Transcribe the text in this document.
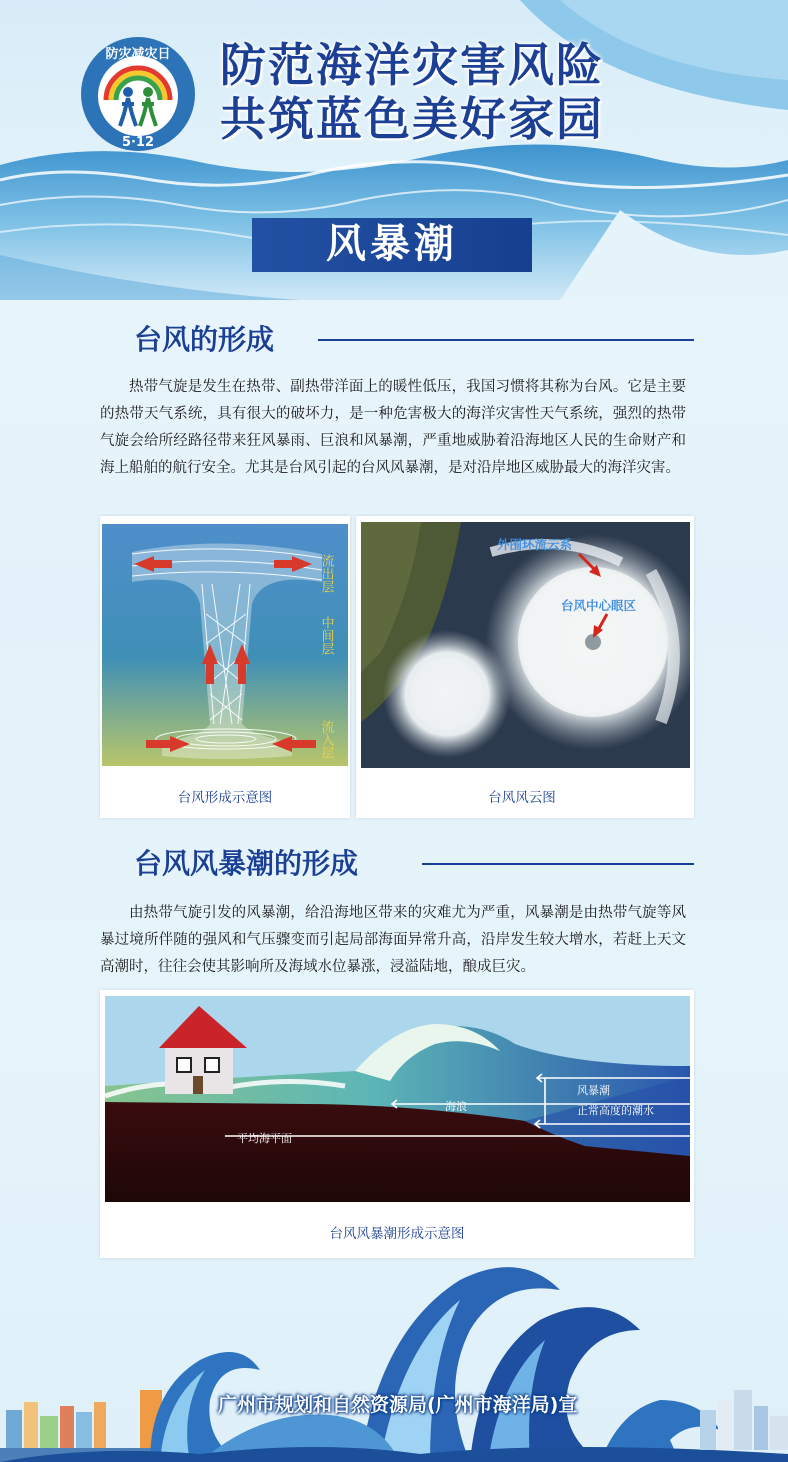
防灾减灾日
5·12
防范海洋灾害风险
共筑蓝色美好家园
风暴潮
台风的形成

热带气旋是发生在热带、副热带洋面上的暖性低压，我国习惯将其称为台风。它是主要的热带天气系统，具有很大的破坏力，是一种危害极大的海洋灾害性天气系统，强烈的热带气旋会给所经路径带来狂风暴雨、巨浪和风暴潮，严重地威胁着沿海地区人民的生命财产和海上船舶的航行安全。尤其是台风引起的台风风暴潮，是对沿岸地区威胁最大的海洋灾害。

流出层
中间层
流入层
台风形成示意图
外围环流云系
台风中心眼区
台风风云图
台风风暴潮的形成

由热带气旋引发的风暴潮，给沿海地区带来的灾难尤为严重，风暴潮是由热带气旋等风暴过境所伴随的强风和气压骤变而引起局部海面异常升高，沿岸发生较大增水，若赶上天文高潮时，往往会使其影响所及海域水位暴涨，浸溢陆地，酿成巨灾。

海浪
风暴潮
正常高度的潮水
平均海平面
台风风暴潮形成示意图
广州市规划和自然资源局(广州市海洋局)宣
